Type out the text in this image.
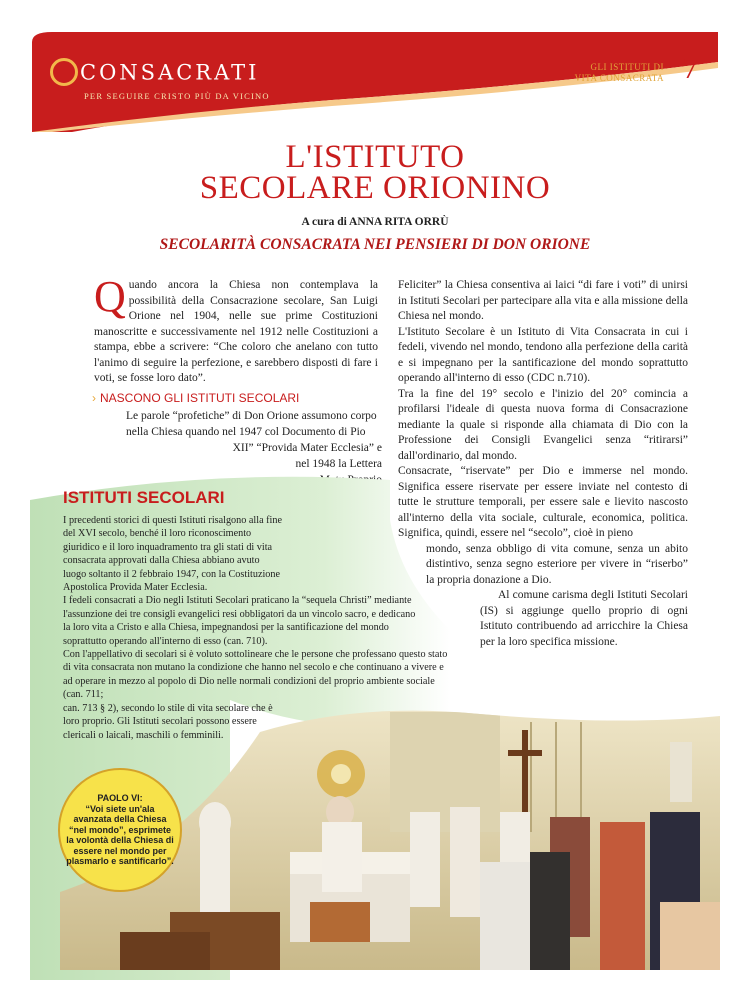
CONSACRATI
PER SEGUIRE CRISTO PIÙ DA VICINO
GLI ISTITUTI DI
VITA CONSACRATA 7
L'ISTITUTO
SECOLARE ORIONINO
A cura di ANNA RITA ORRÙ
SECOLARITÀ CONSACRATA NEI PENSIERI DI DON ORIONE
Quando ancora la Chiesa non contemplava la possibilità della Consacrazione secolare, San Luigi Orione nel 1904, nelle sue prime Costituzioni manoscritte e successivamente nel 1912 nelle Costituzioni a stampa, ebbe a scrivere: “Che coloro che anelano con tutto l'animo di seguire la perfezione, e sarebbero disposti di fare i voti, se fosse loro dato”.
› NASCONO GLI ISTITUTI SECOLARI
Le parole “profetiche” di Don Orione assumono corpo
nella Chiesa quando nel 1947 col Documento di Pio
XII” “Provida Mater Ecclesia” e
nel 1948 la Lettera

Feliciter” la Chiesa consentiva ai laici “di fare i voti” di unirsi in Istituti Secolari per partecipare alla vita e alla missione della Chiesa nel mondo.

L'Istituto Secolare è un Istituto di Vita Consacrata in cui i fedeli, vivendo nel mondo, tendono alla perfezione della carità e si impegnano per la santificazione del mondo soprattutto operando all'interno di esso (CDC n.710).

Tra la fine del 19° secolo e l'inizio del 20° comincia a profilarsi l'ideale di questa nuova forma di Consacrazione mediante la quale si risponde alla chiamata di Dio con la Professione dei Consigli Evangelici senza “ritirarsi” dall'ordinario, dal mondo.

Consacrate, “riservate” per Dio e immerse nel mondo. Significa essere riservate per essere inviate nel contesto di tutte le strutture temporali, per essere sale e lievito nascosto all'interno della vita sociale, culturale, economica, politica. Significa, quindi, essere nel “secolo”, cioè in pieno

mondo, senza obbligo di vita comune, senza un abito distintivo, senza segno esteriore per vivere in “riserbo” la propria donazione a Dio.

Al comune carisma degli Istituti Secolari (IS) si aggiunge quello proprio di ogni Istituto contribuendo ad arricchire la Chiesa per la loro specifica missione.

ISTITUTI SECOLARI

I precedenti storici di questi Istituti risalgono alla fine del XVI secolo, benché il loro riconoscimento giuridico e il loro inquadramento tra gli stati di vita consacrata approvati dalla Chiesa abbiano avuto luogo soltanto il 2 febbraio 1947, con la Costituzione Apostolica Provida Mater Ecclesia.

I fedeli consacrati a Dio negli Istituti Secolari praticano la “sequela Christi” mediante l'assunzione dei tre consigli evangelici resi obbligatori da un vincolo sacro, e dedicano la loro vita a Cristo e alla Chiesa, impegnandosi per la santificazione del mondo soprattutto operando all'interno di esso (can. 710).

Con l'appellativo di secolari si è voluto sottolineare che le persone che professano questo stato di vita consacrata non mutano la condizione che hanno nel secolo e che continuano a vivere e ad operare in mezzo al popolo di Dio nelle normali condizioni del proprio ambiente sociale (can. 711;

can. 713 § 2), secondo lo stile di vita secolare che è loro proprio. Gli Istituti secolari possono essere clericali o laicali, maschili o femminili.

PAOLO VI:
“Voi siete un'ala avanzata della Chiesa “nel mondo”, esprimete la volontà della Chiesa di essere nel mondo per plasmarlo e santificarlo”.
